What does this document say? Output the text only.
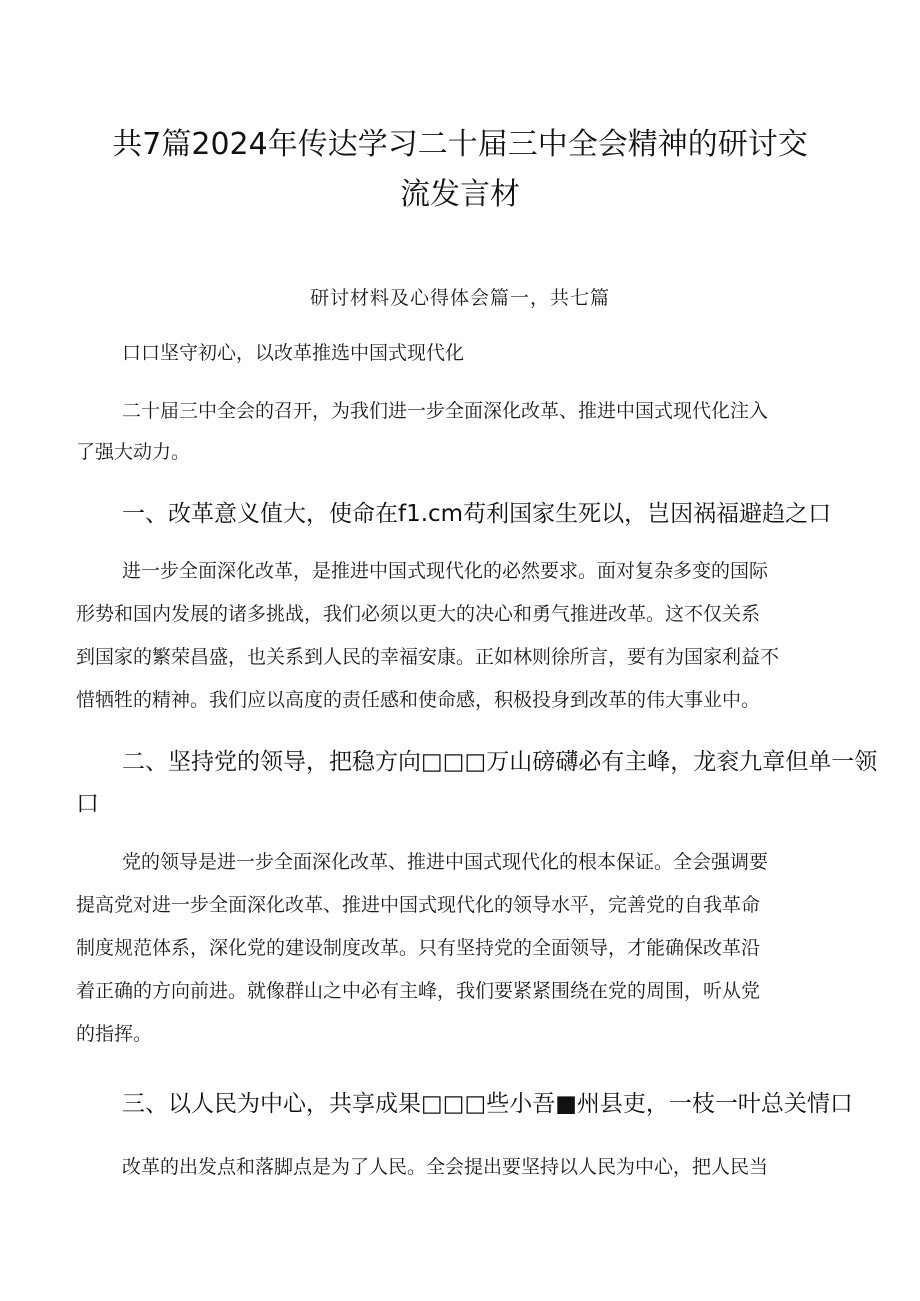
共7篇2024年传达学习二十届三中全会精神的研讨交
流发言材
研讨材料及心得体会篇一，共七篇
口口坚守初心，以改革推选中国式现代化
二十届三中全会的召开，为我们进一步全面深化改革、推进中国式现代化注入
了强大动力。
一、改革意义值大，使命在f1.cm苟利国家生死以，岂因祸福避趋之口
进一步全面深化改革，是推进中国式现代化的必然要求。面对复杂多变的国际
形势和国内发展的诸多挑战，我们必须以更大的决心和勇气推进改革。这不仅关系
到国家的繁荣昌盛，也关系到人民的幸福安康。正如林则徐所言，要有为国家利益不
惜牺牲的精神。我们应以高度的责任感和使命感，积极投身到改革的伟大事业中。
二、坚持党的领导，把稳方向□□□万山磅礴必有主峰，龙衮九章但单一领
口
党的领导是进一步全面深化改革、推进中国式现代化的根本保证。全会强调要
提高党对进一步全面深化改革、推进中国式现代化的领导水平，完善党的自我革命
制度规范体系，深化党的建设制度改革。只有坚持党的全面领导，才能确保改革沿
着正确的方向前进。就像群山之中必有主峰，我们要紧紧围绕在党的周围，听从党
的指挥。
三、以人民为中心，共享成果□□□些小吾■州县吏，一枝一叶总关情口
改革的出发点和落脚点是为了人民。全会提出要坚持以人民为中心，把人民当
